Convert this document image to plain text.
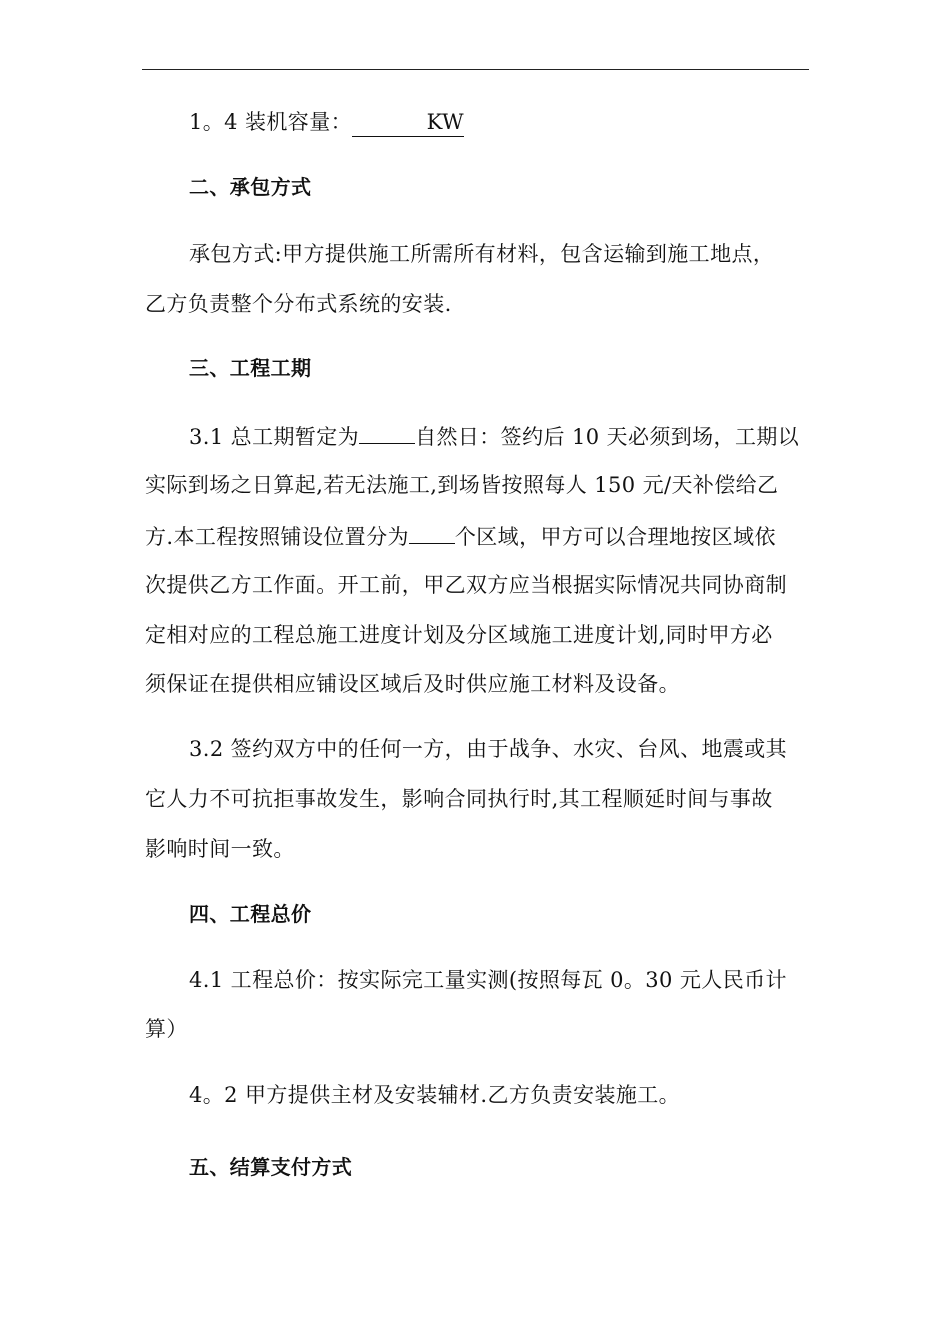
1。4 装机容量：	KW
二、承包方式
承包方式:甲方提供施工所需所有材料，包含运输到施工地点，
乙方负责整个分布式系统的安装.
三、工程工期
3.1 总工期暂定为	自然日：签约后 10 天必须到场，工期以
实际到场之日算起,若无法施工,到场皆按照每人 150 元/天补偿给乙
方.本工程按照铺设位置分为 个区域，甲方可以合理地按区域依
次提供乙方工作面。开工前，甲乙双方应当根据实际情况共同协商制
定相对应的工程总施工进度计划及分区域施工进度计划,同时甲方必
须保证在提供相应铺设区域后及时供应施工材料及设备。
3.2 签约双方中的任何一方，由于战争、水灾、台风、地震或其
它人力不可抗拒事故发生，影响合同执行时,其工程顺延时间与事故
影响时间一致。
四、工程总价
4.1 工程总价：按实际完工量实测(按照每瓦 0。30 元人民币计
算）
4。2 甲方提供主材及安装辅材.乙方负责安装施工。
五、结算支付方式
